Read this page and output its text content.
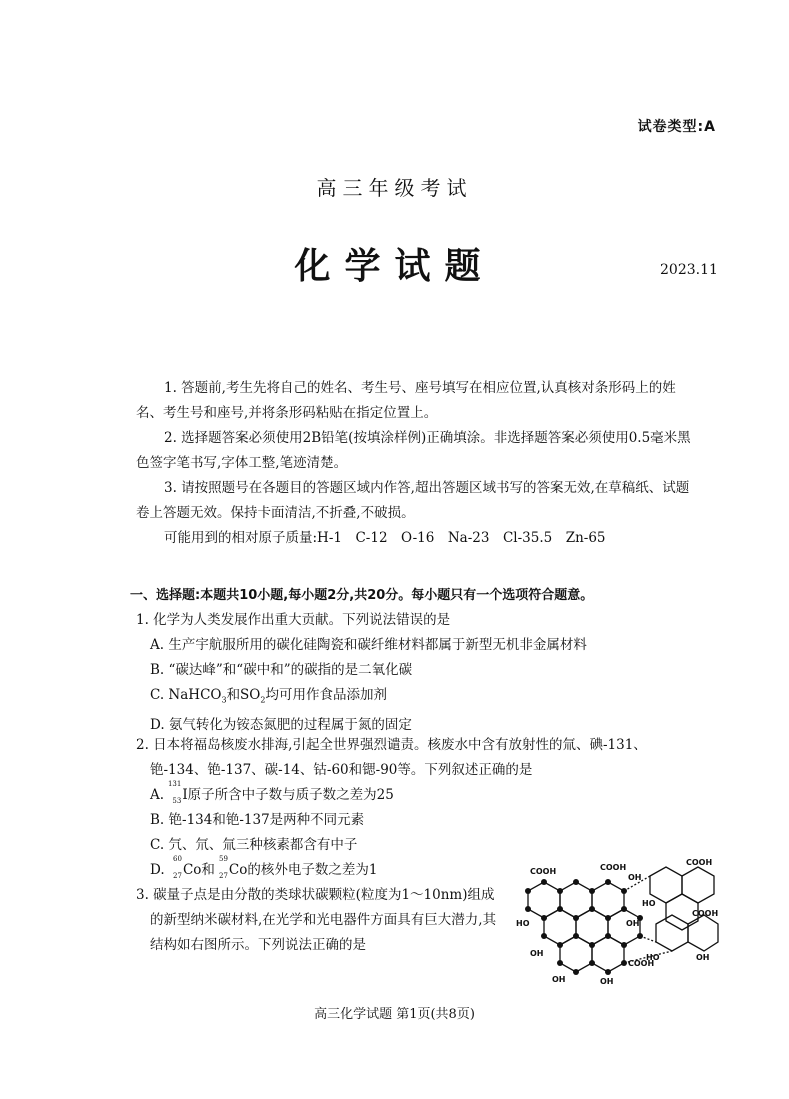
试卷类型:A
高三年级考试
化学试题	2023.11

1. 答题前,考生先将自己的姓名、考生号、座号填写在相应位置,认真核对条形码上的姓名、考生号和座号,并将条形码粘贴在指定位置上。

2. 选择题答案必须使用2B铅笔(按填涂样例)正确填涂。非选择题答案必须使用0.5毫米黑色签字笔书写,字体工整,笔迹清楚。

3. 请按照题号在各题目的答题区域内作答,超出答题区域书写的答案无效,在草稿纸、试题卷上答题无效。保持卡面清洁,不折叠,不破损。

可能用到的相对原子质量:H-1　C-12　O-16　Na-23　Cl-35.5　Zn-65

一、选择题:本题共10小题,每小题2分,共20分。每小题只有一个选项符合题意。
1. 化学为人类发展作出重大贡献。下列说法错误的是
A. 生产宇航服所用的碳化硅陶瓷和碳纤维材料都属于新型无机非金属材料
B. “碳达峰”和“碳中和”的碳指的是二氧化碳
C. NaHCO$_3$和$SO_2$均可用作食品添加剂
D. 氨气转化为铵态氮肥的过程属于氮的固定
2. 日本将福岛核废水排海,引起全世界强烈谴责。核废水中含有放射性的氚、碘-131、铯-134、铯-137、碳-14、钴-60和锶-90等。下列叙述正确的是
A.
131
53 I原子所含中子数与质子数之差为25
B. 铯-134和铯-137是两种不同元素
C. 氕、氘、氚三种核素都含有中子
D.
60
27 Co和
59
27 Co的核外电子数之差为1
3. 碳量子点是由分散的类球状碳颗粒(粒度为1～10nm)组成的新型纳米碳材料,在光学和光电器件方面具有巨大潜力,其结构如右图所示。下列说法正确的是
COOH
OH
HO
COOH
COOH
OH
OH
OH	OH
COOH
HO	OH
COOH
HO
高三化学试题 第1页(共8页)
